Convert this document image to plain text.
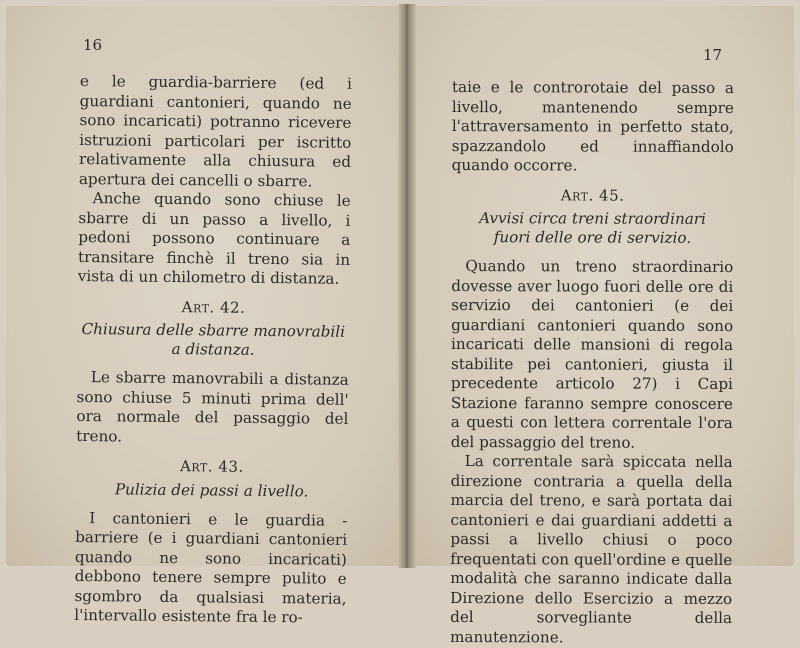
16
17

e le guardia-barriere (ed i guardiani cantonieri, quando ne sono incaricati) potranno ricevere istruzioni particolari per iscritto relativamente alla chiusura ed apertura dei cancelli o sbarre.

Anche quando sono chiuse le sbarre di un passo a livello, i pedoni possono continuare a transitare finchè il treno sia in vista di un chilometro di distanza.

Art. 42.
Chiusura delle sbarre manovrabili
a distanza.

Le sbarre manovrabili a distanza sono chiuse 5 minuti prima dell' ora normale del passaggio del treno.

Art. 43.
Pulizia dei passi a livello.

I cantonieri e le guardia - barriere (e i guardiani cantonieri quando ne sono incaricati) debbono tenere sempre pulito e sgombro da qualsiasi materia, l'intervallo esistente fra le ro-

taie e le controrotaie del passo a livello, mantenendo sempre l'attraversamento in perfetto stato, spazzandolo ed innaffiandolo quando occorre.

Art. 45.
Avvisi circa treni straordinari
fuori delle ore di servizio.

Quando un treno straordinario dovesse aver luogo fuori delle ore di servizio dei cantonieri (e dei guardiani cantonieri quando sono incaricati delle mansioni di regola stabilite pei cantonieri, giusta il precedente articolo 27) i Capi Stazione faranno sempre conoscere a questi con lettera correntale l'ora del passaggio del treno.

La correntale sarà spiccata nella direzione contraria a quella della marcia del treno, e sarà portata dai cantonieri e dai guardiani addetti a passi a livello chiusi o poco frequentati con quell'ordine e quelle modalità che saranno indicate dalla Direzione dello Esercizio a mezzo del sorvegliante della manutenzione.
